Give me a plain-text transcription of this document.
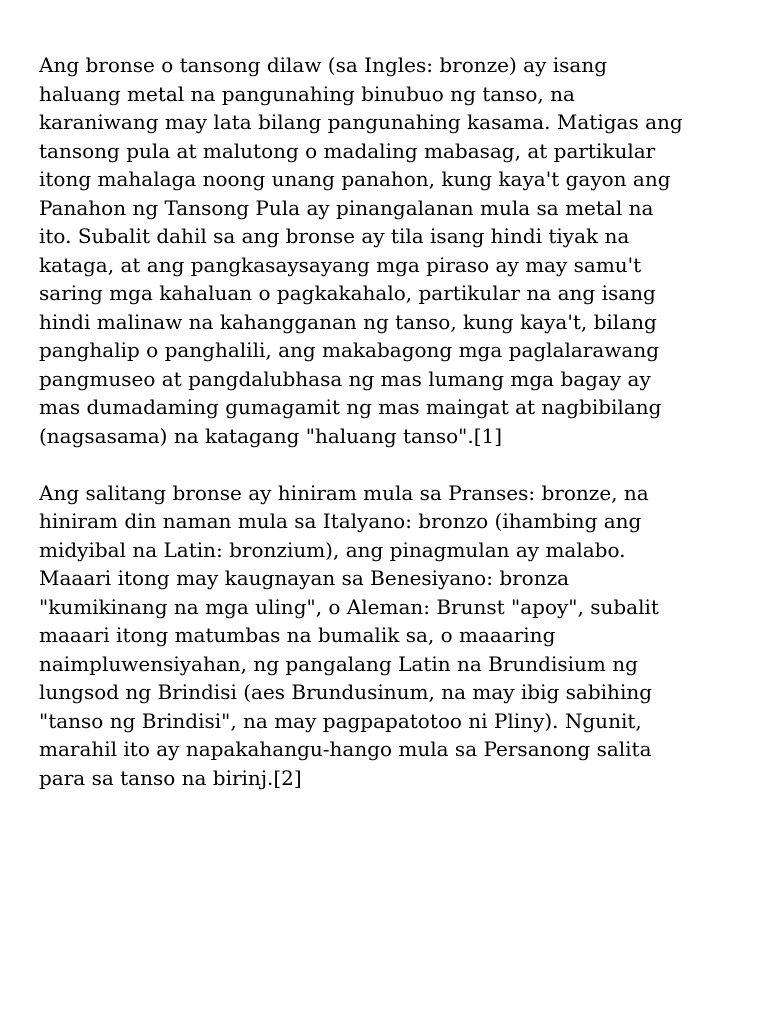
Ang bronse o tansong dilaw (sa Ingles: bronze) ay isang
haluang metal na pangunahing binubuo ng tanso, na
karaniwang may lata bilang pangunahing kasama. Matigas ang
tansong pula at malutong o madaling mabasag, at partikular
itong mahalaga noong unang panahon, kung kaya't gayon ang
Panahon ng Tansong Pula ay pinangalanan mula sa metal na
ito. Subalit dahil sa ang bronse ay tila isang hindi tiyak na
kataga, at ang pangkasaysayang mga piraso ay may samu't
saring mga kahaluan o pagkakahalo, partikular na ang isang
hindi malinaw na kahangganan ng tanso, kung kaya't, bilang
panghalip o panghalili, ang makabagong mga paglalarawang
pangmuseo at pangdalubhasa ng mas lumang mga bagay ay
mas dumadaming gumagamit ng mas maingat at nagbibilang
(nagsasama) na katagang "haluang tanso".[1]

Ang salitang bronse ay hiniram mula sa Pranses: bronze, na
hiniram din naman mula sa Italyano: bronzo (ihambing ang
midyibal na Latin: bronzium), ang pinagmulan ay malabo.
Maaari itong may kaugnayan sa Benesiyano: bronza
"kumikinang na mga uling", o Aleman: Brunst "apoy", subalit
maaari itong matumbas na bumalik sa, o maaaring
naimpluwensiyahan, ng pangalang Latin na Brundisium ng
lungsod ng Brindisi (aes Brundusinum, na may ibig sabihing
"tanso ng Brindisi", na may pagpapatotoo ni Pliny). Ngunit,
marahil ito ay napakahangu-hango mula sa Persanong salita
para sa tanso na birinj.[2]
